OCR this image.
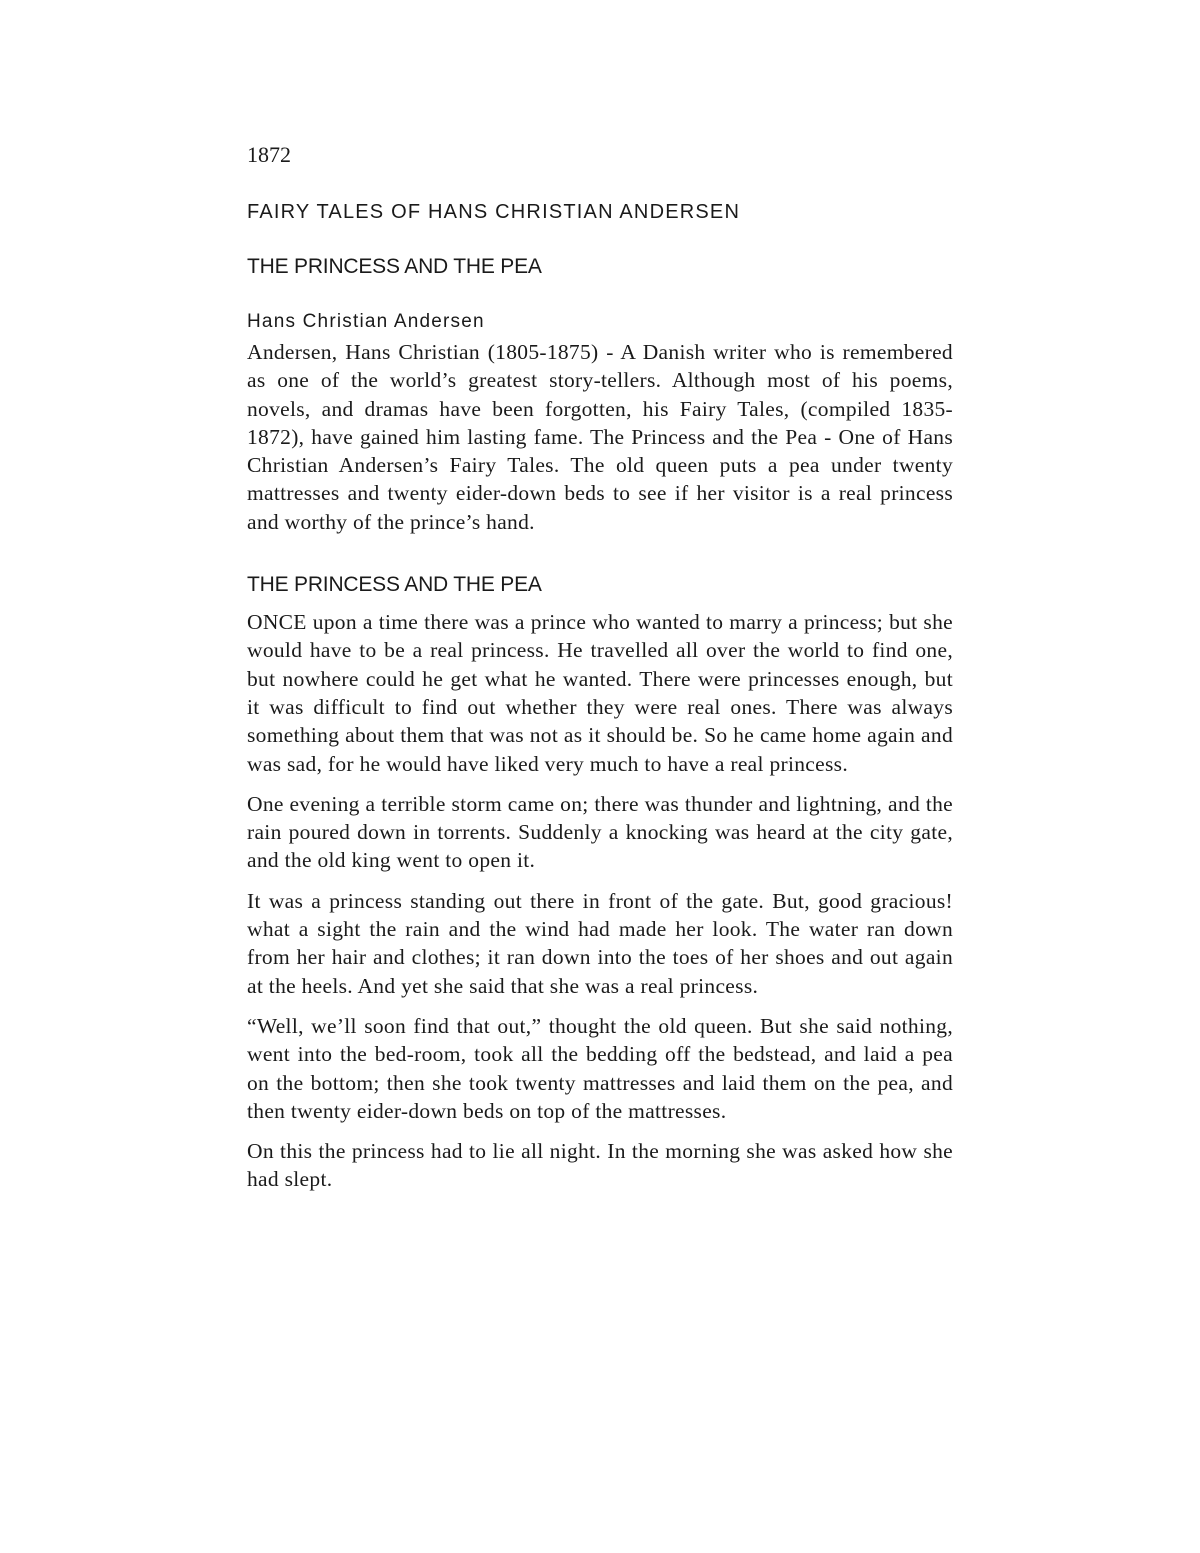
1872
FAIRY TALES OF HANS CHRISTIAN ANDERSEN
THE PRINCESS AND THE PEA
Hans Christian Andersen

Andersen, Hans Christian (1805-1875) - A Danish writer who is remembered as one of the world’s greatest story-tellers. Although most of his poems, novels, and dramas have been forgotten, his Fairy Tales, (compiled 1835- 1872), have gained him lasting fame. The Princess and the Pea - One of Hans Christian Andersen’s Fairy Tales. The old queen puts a pea under twenty mattresses and twenty eider-down beds to see if her visitor is a real princess and worthy of the prince’s hand.

THE PRINCESS AND THE PEA

ONCE upon a time there was a prince who wanted to marry a princess; but she would have to be a real princess. He travelled all over the world to find one, but nowhere could he get what he wanted. There were princesses enough, but it was difficult to find out whether they were real ones. There was always something about them that was not as it should be. So he came home again and was sad, for he would have liked very much to have a real princess.

One evening a terrible storm came on; there was thunder and lightning, and the rain poured down in torrents. Suddenly a knocking was heard at the city gate, and the old king went to open it.

It was a princess standing out there in front of the gate. But, good gracious! what a sight the rain and the wind had made her look. The water ran down from her hair and clothes; it ran down into the toes of her shoes and out again at the heels. And yet she said that she was a real princess.

“Well, we’ll soon find that out,” thought the old queen. But she said nothing, went into the bed-room, took all the bedding off the bedstead, and laid a pea on the bottom; then she took twenty mattresses and laid them on the pea, and then twenty eider-down beds on top of the mattresses.

On this the princess had to lie all night. In the morning she was asked how she had slept.
